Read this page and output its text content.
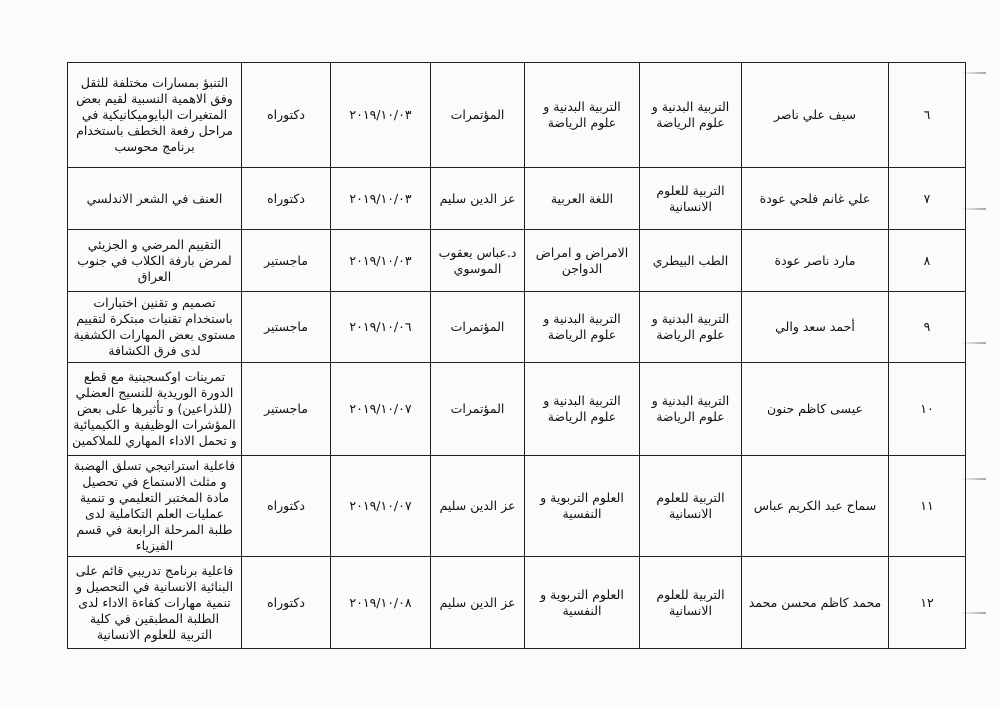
٦	سيف علي ناصر	التربية البدنية و علوم الرياضة	التربية البدنية و علوم الرياضة	المؤتمرات	٢٠١٩/١٠/٠٣	دكتوراه	التنبؤ بمسارات مختلفة للثقل وفق الاهمية النسبية لقيم بعض المتغيرات البايوميكانيكية في مراحل رفعة الخطف باستخدام برنامج محوسب
٧	علي غانم فلحي عودة	التربية للعلوم الانسانية	اللغة العربية	عز الدين سليم	٢٠١٩/١٠/٠٣	دكتوراه	العنف في الشعر الاندلسي
٨	مارد ناصر عودة	الطب البيطري	الامراض و امراض الدواجن	د.عباس يعقوب الموسوي	٢٠١٩/١٠/٠٣	ماجستير	التقييم المرضي و الجزيئي لمرض بارفة الكلاب في جنوب العراق
٩	أحمد سعد والي	التربية البدنية و علوم الرياضة	التربية البدنية و علوم الرياضة	المؤتمرات	٢٠١٩/١٠/٠٦	ماجستير	تصميم و تقنين اختبارات باستخدام تقنيات مبتكرة لتقييم مستوى بعض المهارات الكشفية لدى فرق الكشافة
١٠	عيسى كاظم حنون	التربية البدنية و علوم الرياضة	التربية البدنية و علوم الرياضة	المؤتمرات	٢٠١٩/١٠/٠٧	ماجستير	تمرينات اوكسجينية مع قطع الدورة الوريدية للنسيج العضلي (للذراعين) و تأثيرها على بعض المؤشرات الوظيفية و الكيميائية و تحمل الاداء المهاري للملاكمين
١١	سماح عبد الكريم عباس	التربية للعلوم الانسانية	العلوم التربوية و النفسية	عز الدين سليم	٢٠١٩/١٠/٠٧	دكتوراه	فاعلية استراتيجي تسلق الهضبة و مثلث الاستماع في تحصيل مادة المختبر التعليمي و تنمية عمليات العلم التكاملية لدى طلبة المرحلة الرابعة في قسم الفيزياء
١٢	محمد كاظم محسن محمد	التربية للعلوم الانسانية	العلوم التربوية و النفسية	عز الدين سليم	٢٠١٩/١٠/٠٨	دكتوراه	فاعلية برنامج تدريبي قائم على البنائية الانسانية في التحصيل و تنمية مهارات كفاءة الاداء لدى الطلبة المطبقين في كلية التربية للعلوم الانسانية
